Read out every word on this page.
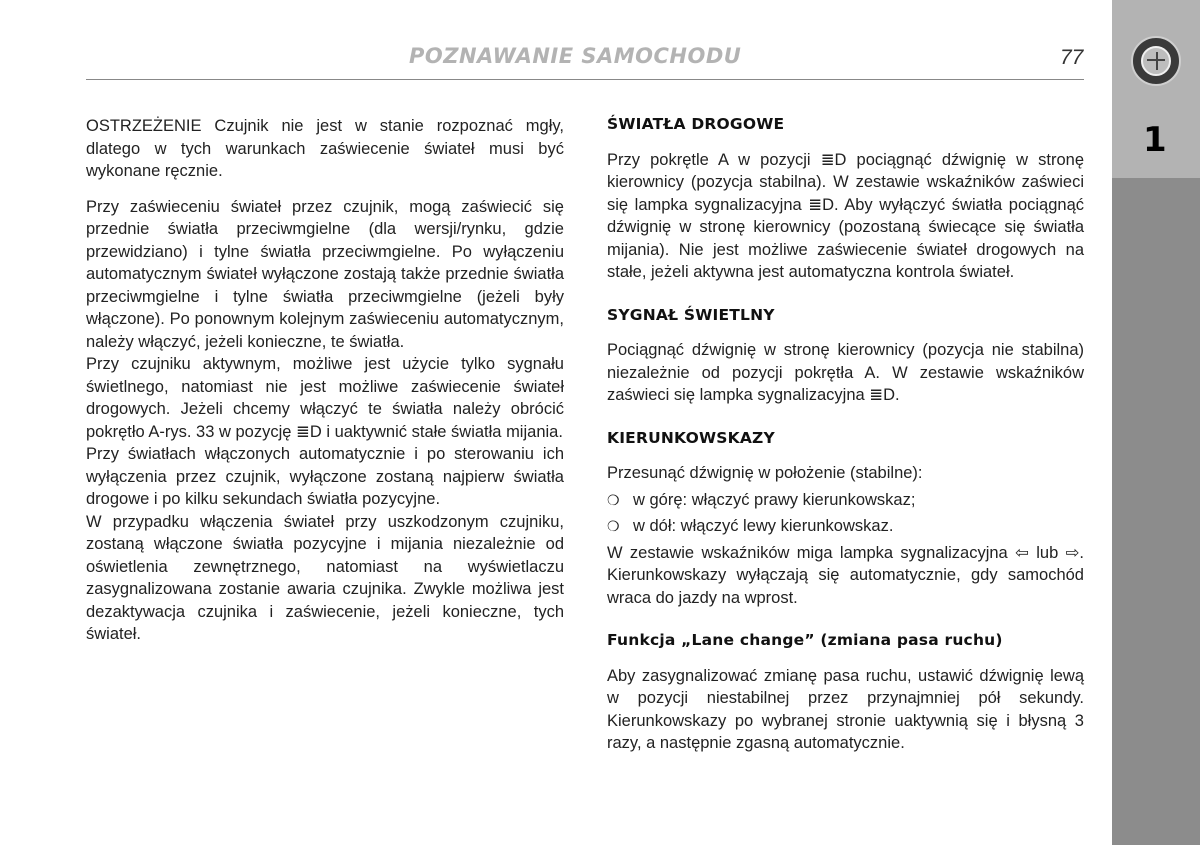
1
POZNAWANIE SAMOCHODU	77

OSTRZEŻENIE Czujnik nie jest w stanie rozpoznać mgły, dlatego w tych warunkach zaświecenie świateł musi być wykonane ręcznie.

Przy zaświeceniu świateł przez czujnik, mogą zaświecić się przednie światła przeciwmgielne (dla wersji/rynku, gdzie przewidziano) i tylne światła przeciwmgielne. Po wyłączeniu automatycznym świateł wyłączone zostają także przednie światła przeciwmgielne i tylne światła przeciwmgielne (jeżeli były włączone). Po ponownym kolejnym zaświeceniu automatycznym, należy włączyć, jeżeli konieczne, te światła.

Przy czujniku aktywnym, możliwe jest użycie tylko sygnału świetlnego, natomiast nie jest możliwe zaświecenie świateł drogowych. Jeżeli chcemy włączyć te światła należy obrócić pokrętło A-rys. 33 w pozycję ≣D i uaktywnić stałe światła mijania.

Przy światłach włączonych automatycznie i po sterowaniu ich wyłączenia przez czujnik, wyłączone zostaną najpierw światła drogowe i po kilku sekundach światła pozycyjne.

W przypadku włączenia świateł przy uszkodzonym czujniku, zostaną włączone światła pozycyjne i mijania niezależnie od oświetlenia zewnętrznego, natomiast na wyświetlaczu zasygnalizowana zostanie awaria czujnika. Zwykle możliwa jest dezaktywacja czujnika i zaświecenie, jeżeli konieczne, tych świateł.

ŚWIATŁA DROGOWE

Przy pokrętle A w pozycji ≣D pociągnąć dźwignię w stronę kierownicy (pozycja stabilna). W zestawie wskaźników zaświeci się lampka sygnalizacyjna ≣D. Aby wyłączyć światła pociągnąć dźwignię w stronę kierownicy (pozostaną świecące się światła mijania). Nie jest możliwe zaświecenie świateł drogowych na stałe, jeżeli aktywna jest automatyczna kontrola świateł.

SYGNAŁ ŚWIETLNY

Pociągnąć dźwignię w stronę kierownicy (pozycja nie stabilna) niezależnie od pozycji pokrętła A. W zestawie wskaźników zaświeci się lampka sygnalizacyjna ≣D.

KIERUNKOWSKAZY

Przesunąć dźwignię w położenie (stabilne):

❍ w górę: włączyć prawy kierunkowskaz;
❍ w dół: włączyć lewy kierunkowskaz.

W zestawie wskaźników miga lampka sygnalizacyjna ⇦ lub ⇨. Kierunkowskazy wyłączają się automatycznie, gdy samochód wraca do jazdy na wprost.

Funkcja „Lane change” (zmiana pasa ruchu)

Aby zasygnalizować zmianę pasa ruchu, ustawić dźwignię lewą w pozycji niestabilnej przez przynajmniej pół sekundy. Kierunkowskazy po wybranej stronie uaktywnią się i błysną 3 razy, a następnie zgasną automatycznie.
